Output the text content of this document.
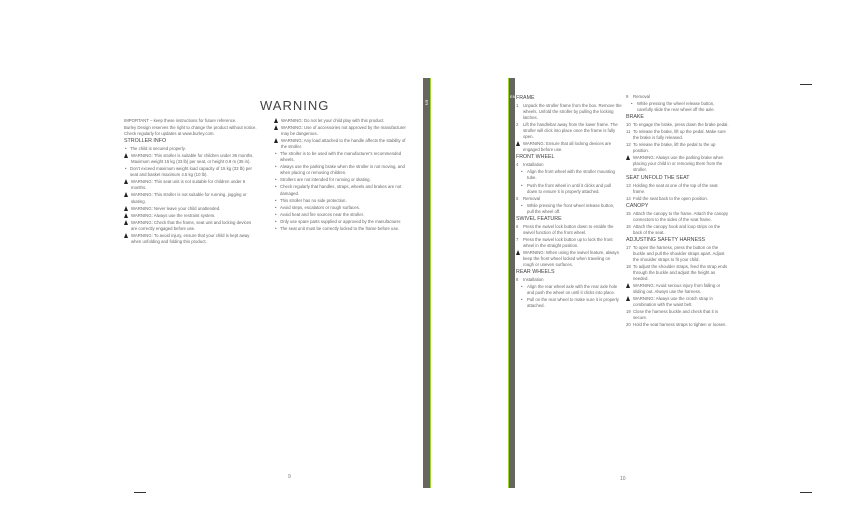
WARNING

IMPORTANT – keep these instructions for future reference.

Burley Design reserves the right to change the product without notice. Check regularly for updates at www.burley.com.

STROLLER INFO

• The child is secured properly.

WARNING: This stroller is suitable for children under 36 months. Maximum weight 15 kg (33 lb) per seat, or height 0.9 m (35 in).

• Don't exceed maximum weight load capacity of 15 kg (33 lb) per seat and basket maximum 4.5 kg (10 lb).

WARNING: This seat unit is not suitable for children under 6 months.

WARNING: This stroller is not suitable for running, jogging or skating.

WARNING: Never leave your child unattended.

WARNING: Always use the restraint system.

WARNING: Check that the frame, seat unit and locking devices are correctly engaged before use.

WARNING: To avoid injury, ensure that your child is kept away when unfolding and folding this product.

WARNING: Do not let your child play with this product.

WARNING: Use of accessories not approved by the manufacturer may be dangerous.

WARNING: Any load attached to the handle affects the stability of the stroller.

• The stroller is to be used with the manufacturer's recommended wheels.

• Always use the parking brake when the stroller is not moving, and when placing or removing children.

• Strollers are not intended for running or skating.

• Check regularly that handles, straps, wheels and brakes are not damaged.

• This stroller has no side protection.

• Avoid steps, escalators or rough surfaces.

• Avoid heat and fire sources near the stroller.

• Only use spare parts supplied or approved by the manufacturer.

• The seat unit must be correctly locked to the frame before use.

9
EN
EN FRAME

1 Unpack the stroller frame from the box. Remove the wheels. Unfold the stroller by pulling the locking latches.

2 Lift the handlebar away from the lower frame. The stroller will click into place once the frame is fully open.

WARNING: Ensure that all locking devices are engaged before use.

FRONT WHEEL

4 Installation

• Align the front wheel with the stroller mounting tube.

• Push the front wheel in until it clicks and pull down to ensure it is properly attached.

5 Removal

• While pressing the front wheel release button, pull the wheel off.

SWIVEL FEATURE

6 Press the swivel lock button down to enable the swivel function of the front wheel.

7 Press the swivel lock button up to lock the front wheel in the straight position.

WARNING: When using the swivel feature, always keep the front wheel locked when traveling on rough or uneven surfaces.

REAR WHEELS

8 Installation

• Align the rear wheel axle with the rear axle hole and push the wheel on until it clicks into place.

• Pull on the rear wheel to make sure it is properly attached.

9 Removal

• While pressing the wheel release button, carefully slide the rear wheel off the axle.

BRAKE

10 To engage the brake, press down the brake pedal.

11 To release the brake, lift up the pedal. Make sure the brake is fully released.

12 To release the brake, lift the pedal to the up position.

WARNING: Always use the parking brake when placing your child in or removing them from the stroller.

SEAT UNFOLD THE SEAT

13 Holding the seat at one of the top of the seat frame.

14 Fold the seat back to the open position.

CANOPY

15 Attach the canopy to the frame. Attach the canopy connectors to the sides of the seat frame.

16 Attach the canopy hook and loop strips on the back of the seat.

ADJUSTING SAFETY HARNESS

17 To open the harness, press the button on the buckle and pull the shoulder straps apart. Adjust the shoulder straps to fit your child.

18 To adjust the shoulder straps, feed the strap ends through the buckle and adjust the height as needed.

WARNING: Avoid serious injury from falling or sliding out. Always use the harness.

WARNING: Always use the crotch strap in combination with the waist belt.

19 Close the harness buckle and check that it is secure.

20 Hold the seat harness straps to tighten or loosen.

10
